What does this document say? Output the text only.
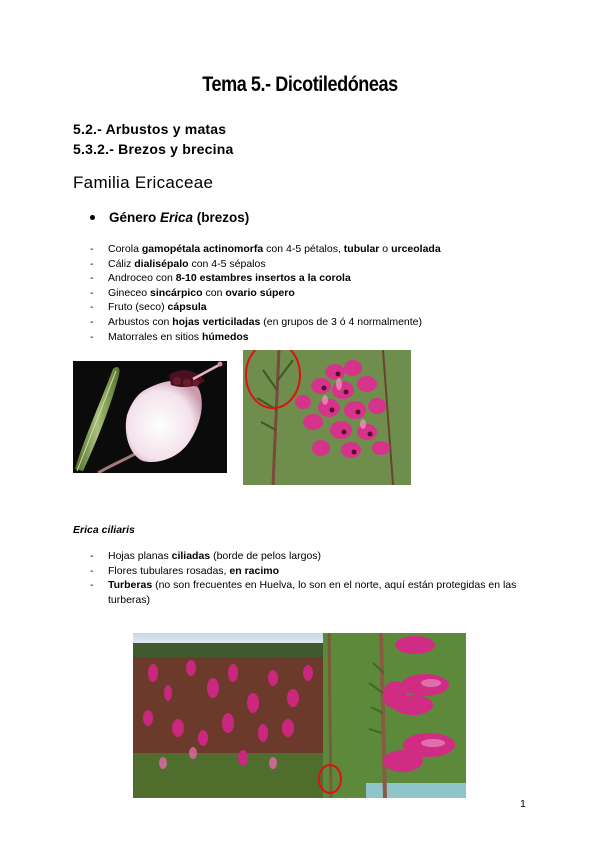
Tema 5.- Dicotiledóneas
5.2.- Arbustos y matas
5.3.2.- Brezos y brecina
Familia Ericaceae
Género Erica (brezos)
- Corola gamopétala actinomorfa con 4-5 pétalos, tubular o urceolada
- Cáliz dialisépalo con 4-5 sépalos
- Androceo con 8-10 estambres insertos a la corola
- Gineceo sincárpico con ovario súpero
- Fruto (seco) cápsula
- Arbustos con hojas verticiladas (en grupos de 3 ó 4 normalmente)
- Matorrales en sitios húmedos
Erica ciliaris
- Hojas planas ciliadas (borde de pelos largos)
- Flores tubulares rosadas, en racimo
- Turberas (no son frecuentes en Huelva, lo son en el norte, aquí están protegidas en las turberas)
1
